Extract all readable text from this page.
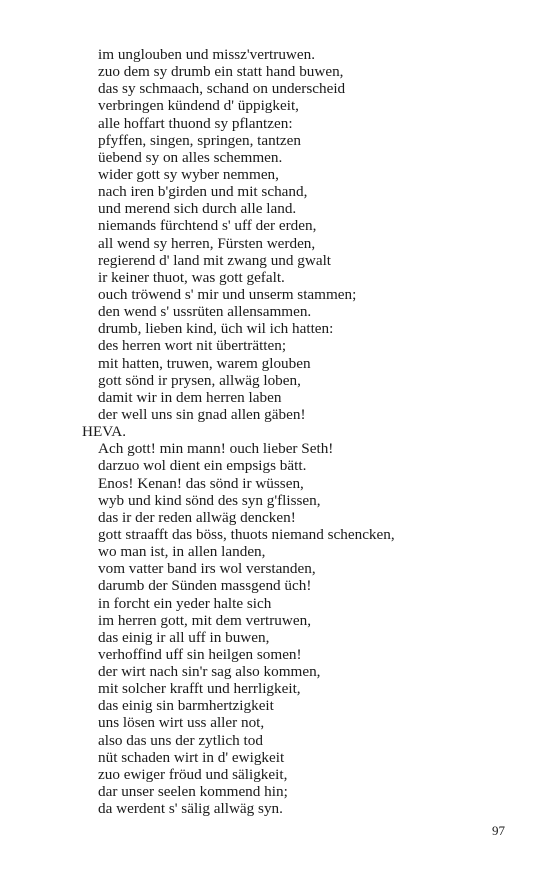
im unglouben und missz'vertruwen.
zuo dem sy drumb ein statt hand buwen,
das sy schmaach, schand on underscheid
verbringen kündend d' üppigkeit,
alle hoffart thuond sy pflantzen:
pfyffen, singen, springen, tantzen
üebend sy on alles schemmen.
wider gott sy wyber nemmen,
nach iren b'girden und mit schand,
und merend sich durch alle land.
niemands fürchtend s' uff der erden,
all wend sy herren, Fürsten werden,
regierend d' land mit zwang und gwalt
ir keiner thuot, was gott gefalt.
ouch tröwend s' mir und unserm stammen;
den wend s' ussrüten allensammen.
drumb, lieben kind, üch wil ich hatten:
des herren wort nit überträtten;
mit hatten, truwen, warem glouben
gott sönd ir prysen, allwäg loben,
damit wir in dem herren laben
der well uns sin gnad allen gäben!
HEVA.
Ach gott! min mann! ouch lieber Seth!
darzuo wol dient ein empsigs bätt.
Enos! Kenan! das sönd ir wüssen,
wyb und kind sönd des syn g'flissen,
das ir der reden allwäg dencken!
gott straafft das böss, thuots niemand schencken,
wo man ist, in allen landen,
vom vatter band irs wol verstanden,
darumb der Sünden massgend üch!
in forcht ein yeder halte sich
im herren gott, mit dem vertruwen,
das einig ir all uff in buwen,
verhoffind uff sin heilgen somen!
der wirt nach sin'r sag also kommen,
mit solcher krafft und herrligkeit,
das einig sin barmhertzigkeit
uns lösen wirt uss aller not,
also das uns der zytlich tod
nüt schaden wirt in d' ewigkeit
zuo ewiger fröud und säligkeit,
dar unser seelen kommend hin;
da werdent s' sälig allwäg syn.
97
